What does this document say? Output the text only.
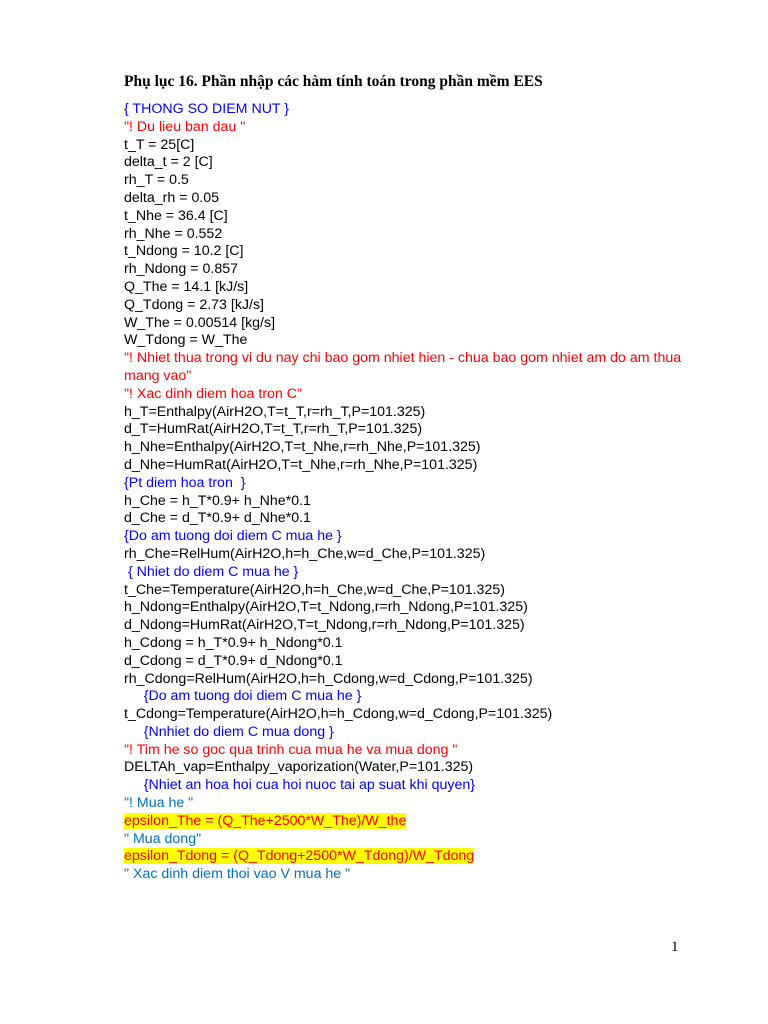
Phụ lục 16. Phần nhập các hàm tính toán trong phần mềm EES
{ THONG SO DIEM NUT }
"! Du lieu ban dau "
t_T = 25[C]
delta_t = 2 [C]
rh_T = 0.5
delta_rh = 0.05
t_Nhe = 36.4 [C]
rh_Nhe = 0.552
t_Ndong = 10.2 [C]
rh_Ndong = 0.857
Q_The = 14.1 [kJ/s]
Q_Tdong = 2.73 [kJ/s]
W_The = 0.00514 [kg/s]
W_Tdong = W_The
"! Nhiet thua trong vi du nay chi bao gom nhiet hien - chua bao gom nhiet am do am thua mang vao"
"! Xac dinh diem hoa tron C"
h_T=Enthalpy(AirH2O,T=t_T,r=rh_T,P=101.325)
d_T=HumRat(AirH2O,T=t_T,r=rh_T,P=101.325)
h_Nhe=Enthalpy(AirH2O,T=t_Nhe,r=rh_Nhe,P=101.325)
d_Nhe=HumRat(AirH2O,T=t_Nhe,r=rh_Nhe,P=101.325)
{Pt diem hoa tron  }
h_Che = h_T*0.9+ h_Nhe*0.1
d_Che = d_T*0.9+ d_Nhe*0.1
{Do am tuong doi diem C mua he }
rh_Che=RelHum(AirH2O,h=h_Che,w=d_Che,P=101.325)
{ Nhiet do diem C mua he }
t_Che=Temperature(AirH2O,h=h_Che,w=d_Che,P=101.325)
h_Ndong=Enthalpy(AirH2O,T=t_Ndong,r=rh_Ndong,P=101.325)
d_Ndong=HumRat(AirH2O,T=t_Ndong,r=rh_Ndong,P=101.325)
h_Cdong = h_T*0.9+ h_Ndong*0.1
d_Cdong = d_T*0.9+ d_Ndong*0.1
rh_Cdong=RelHum(AirH2O,h=h_Cdong,w=d_Cdong,P=101.325)
{Do am tuong doi diem C mua he }
t_Cdong=Temperature(AirH2O,h=h_Cdong,w=d_Cdong,P=101.325)
{Nnhiet do diem C mua dong }
"! Tim he so goc qua trinh cua mua he va mua dong "
DELTAh_vap=Enthalpy_vaporization(Water,P=101.325)
{Nhiet an hoa hoi cua hoi nuoc tai ap suat khi quyen}
"! Mua he "
epsilon_The = (Q_The+2500*W_The)/W_the
" Mua dong"
epsilon_Tdong = (Q_Tdong+2500*W_Tdong)/W_Tdong
" Xac dinh diem thoi vao V mua he "
1
